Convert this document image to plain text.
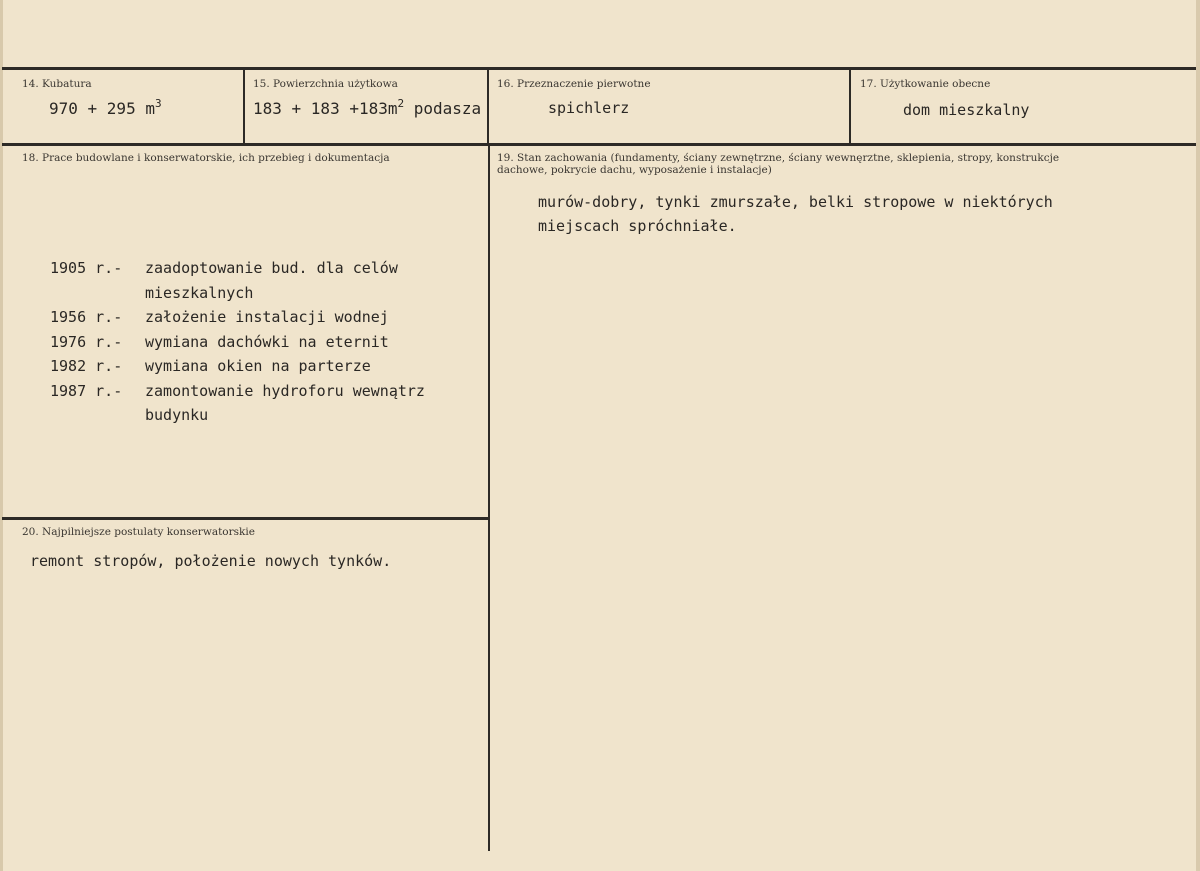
14. Kubatura
970 + 295 $m^3$
15. Powierzchnia użytkowa
$183 + 183 +183m^2$ podasza
16. Przeznaczenie pierwotne
spichlerz
17. Użytkowanie obecne
dom mieszkalny
18. Prace budowlane i konserwatorskie, ich przebieg i dokumentacja
1905 r.-	zaadoptowanie bud. dla celów mieszkalnych
1956 r.-	założenie instalacji wodnej
1976 r.-	wymiana dachówki na eternit
1982 r.-	wymiana okien na parterze
1987 r.-	zamontowanie hydroforu wewnątrz budynku
19. Stan zachowania (fundamenty, ściany zewnętrzne, ściany wewnęrztne, sklepienia, stropy, konstrukcje dachowe, pokrycie dachu, wyposażenie i instalacje)
murów-dobry, tynki zmurszałe, belki stropowe w niektórych
miejscach spróchniałe.
20. Najpilniejsze postulaty konserwatorskie
remont stropów, położenie nowych tynków.
